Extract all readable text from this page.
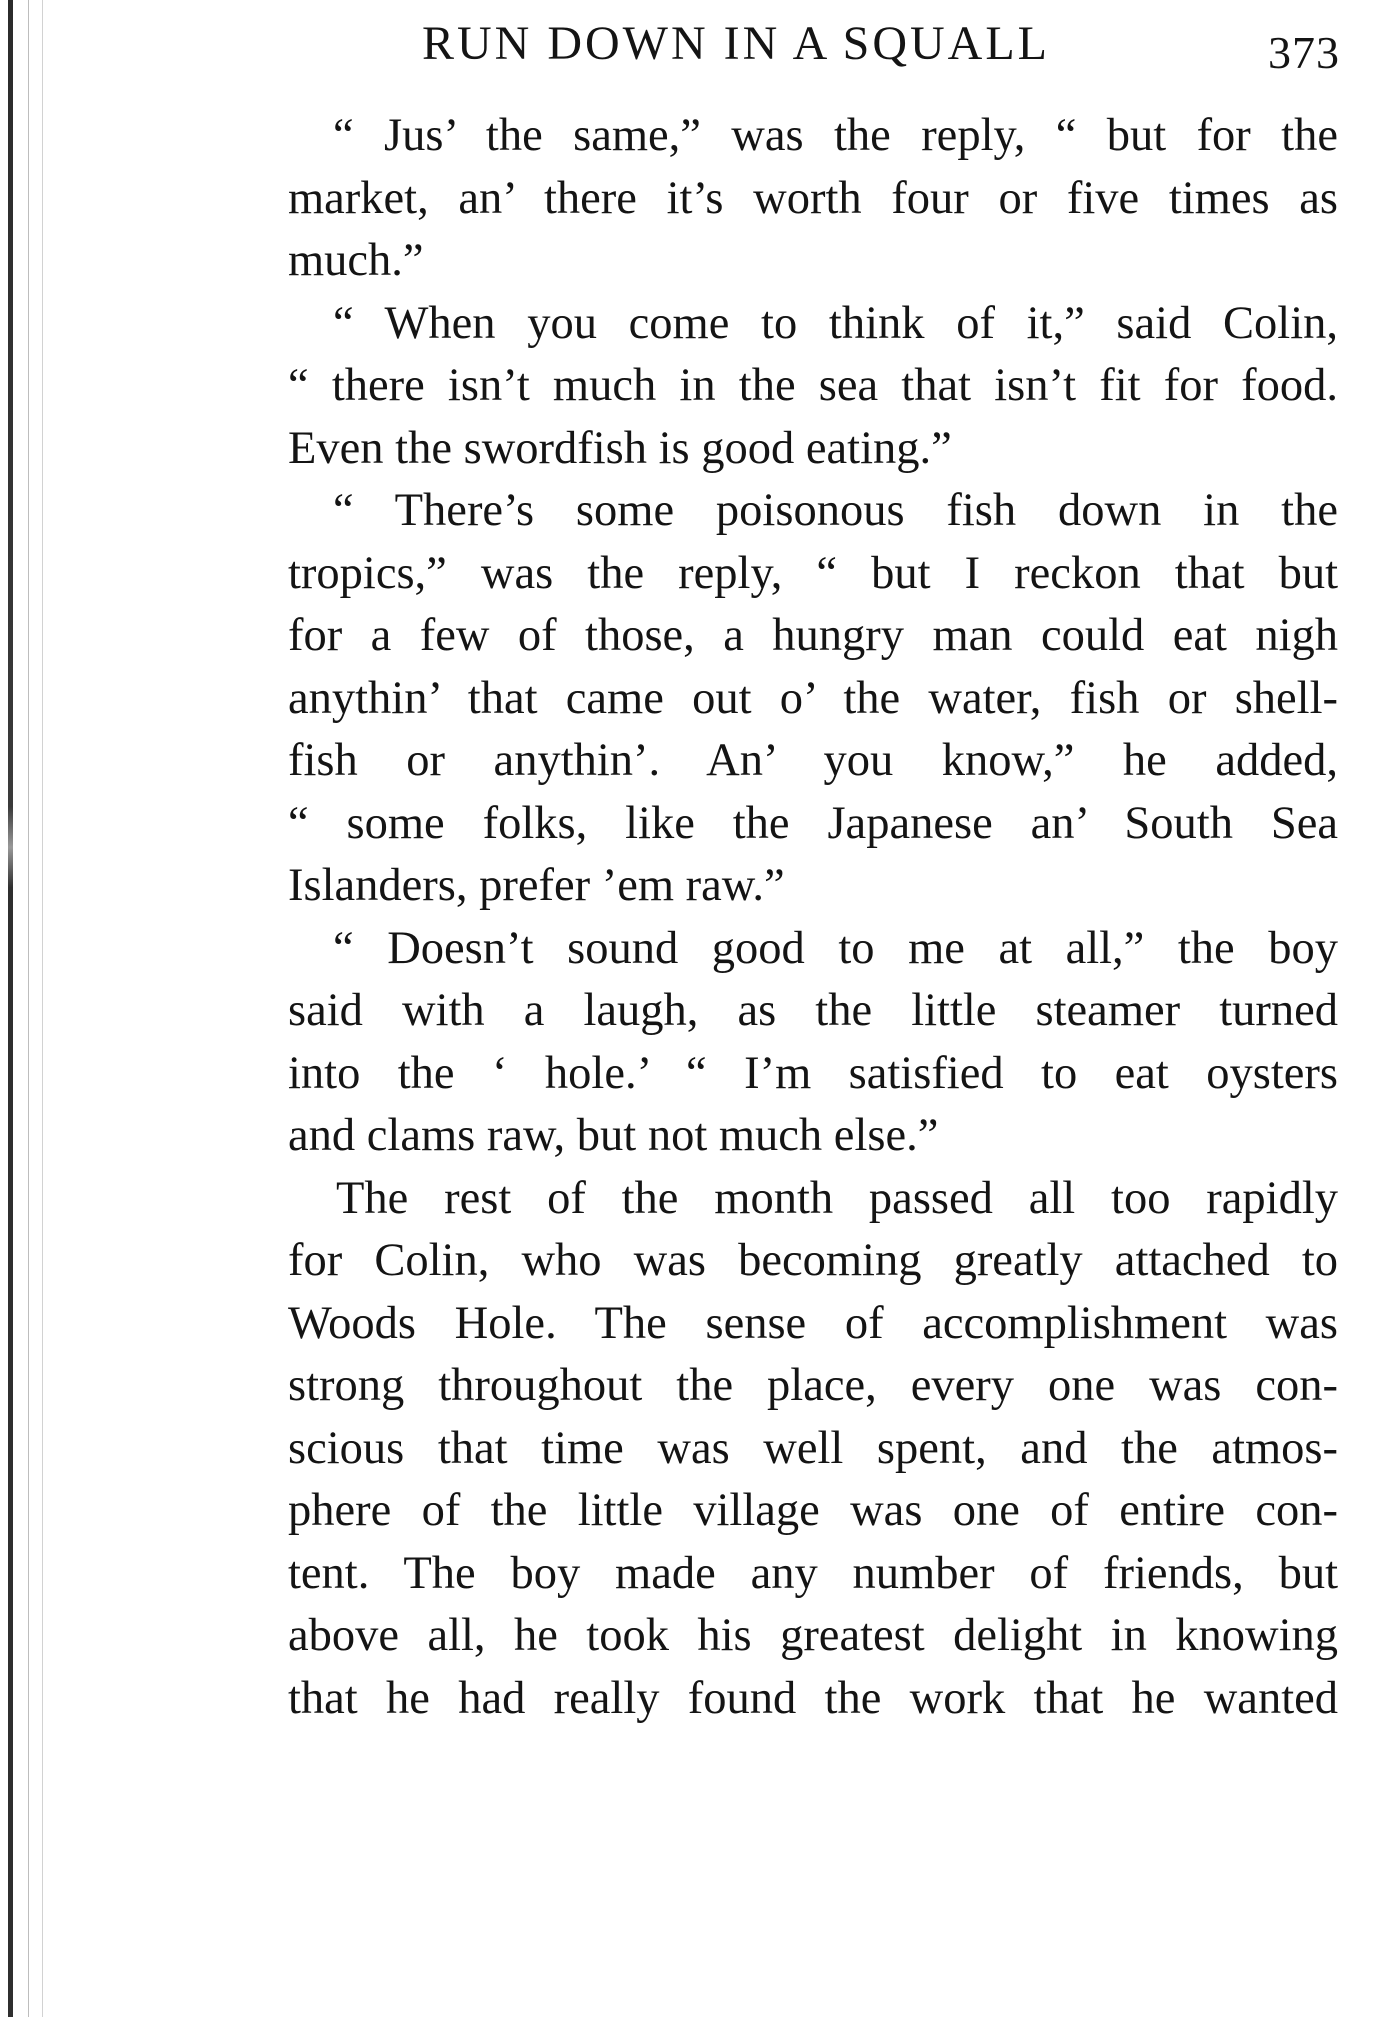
RUN DOWN IN A SQUALL	373
“ Jus’ the same,” was the reply, “ but for the
market, an’ there it’s worth four or five times as
much.”
“ When you come to think of it,” said Colin,
“ there isn’t much in the sea that isn’t fit for food.
Even the swordfish is good eating.”
“ There’s some poisonous fish down in the
tropics,” was the reply, “ but I reckon that but
for a few of those, a hungry man could eat nigh
anythin’ that came out o’ the water, fish or shell-
fish or anythin’. An’ you know,” he added,
“ some folks, like the Japanese an’ South Sea
Islanders, prefer ’em raw.”
“ Doesn’t sound good to me at all,” the boy
said with a laugh, as the little steamer turned
into the ‘ hole.’ “ I’m satisfied to eat oysters
and clams raw, but not much else.”
The rest of the month passed all too rapidly
for Colin, who was becoming greatly attached to
Woods Hole. The sense of accomplishment was
strong throughout the place, every one was con-
scious that time was well spent, and the atmos-
phere of the little village was one of entire con-
tent. The boy made any number of friends, but
above all, he took his greatest delight in knowing
that he had really found the work that he wanted
